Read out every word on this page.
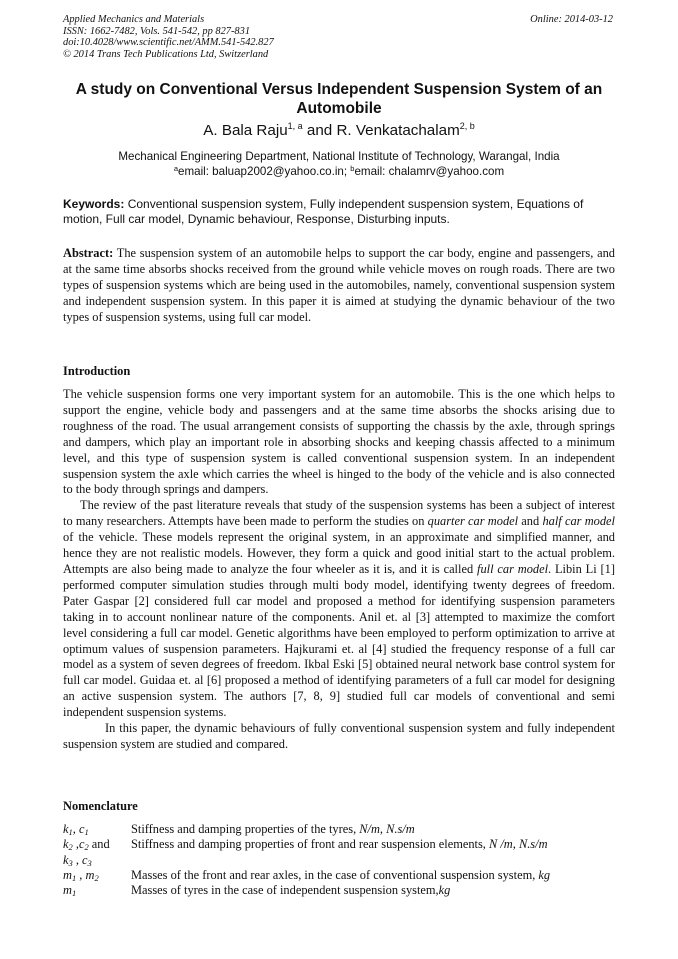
Applied Mechanics and Materials
ISSN: 1662-7482, Vols. 541-542, pp 827-831
doi:10.4028/www.scientific.net/AMM.541-542.827
© 2014 Trans Tech Publications Ltd, Switzerland
Online: 2014-03-12
A study on Conventional Versus Independent Suspension System of an Automobile
A. Bala Raju$^{1, a}$ and R. Venkatachalam$^{2, b}$
Mechanical Engineering Department, National Institute of Technology, Warangal, India
$^a$email: baluap2002@yahoo.co.in; $^b$email: chalamrv@yahoo.com
Keywords: Conventional suspension system, Fully independent suspension system, Equations of motion, Full car model, Dynamic behaviour, Response, Disturbing inputs.

Abstract: The suspension system of an automobile helps to support the car body, engine and passengers, and at the same time absorbs shocks received from the ground while vehicle moves on rough roads. There are two types of suspension systems which are being used in the automobiles, namely, conventional suspension system and independent suspension system. In this paper it is aimed at studying the dynamic behaviour of the two types of suspension systems, using full car model.

Introduction

The vehicle suspension forms one very important system for an automobile. This is the one which helps to support the engine, vehicle body and passengers and at the same time absorbs the shocks arising due to roughness of the road. The usual arrangement consists of supporting the chassis by the axle, through springs and dampers, which play an important role in absorbing shocks and keeping chassis affected to a minimum level, and this type of suspension system is called conventional suspension system. In an independent suspension system the axle which carries the wheel is hinged to the body of the vehicle and is also connected to the body through springs and dampers.

The review of the past literature reveals that study of the suspension systems has been a subject of interest to many researchers. Attempts have been made to perform the studies on quarter car model and half car model of the vehicle. These models represent the original system, in an approximate and simplified manner, and hence they are not realistic models. However, they form a quick and good initial start to the actual problem. Attempts are also being made to analyze the four wheeler as it is, and it is called full car model. Libin Li [1] performed computer simulation studies through multi body model, identifying twenty degrees of freedom. Pater Gaspar [2] considered full car model and proposed a method for identifying suspension parameters taking in to account nonlinear nature of the components. Anil et. al [3] attempted to maximize the comfort level considering a full car model. Genetic algorithms have been employed to perform optimization to arrive at optimum values of suspension parameters. Hajkurami et. al [4] studied the frequency response of a full car model as a system of seven degrees of freedom. Ikbal Eski [5] obtained neural network base control system for full car model. Guidaa et. al [6] proposed a method of identifying parameters of a full car model for designing an active suspension system. The authors [7, 8, 9] studied full car models of conventional and semi independent suspension systems.

In this paper, the dynamic behaviours of fully conventional suspension system and fully independent suspension system are studied and compared.

Nomenclature
$k_1$, $c_1$	Stiffness and damping properties of the tyres, N/m, N.s/m
$k_2$ $,c_2$ and	Stiffness and damping properties of front and rear suspension elements, N /m, N.s/m
$k_3$ , $c_3$
$m_1$ , $m_2$	Masses of the front and rear axles, in the case of conventional suspension system, kg
$m_1$	Masses of tyres in the case of independent suspension system,kg
